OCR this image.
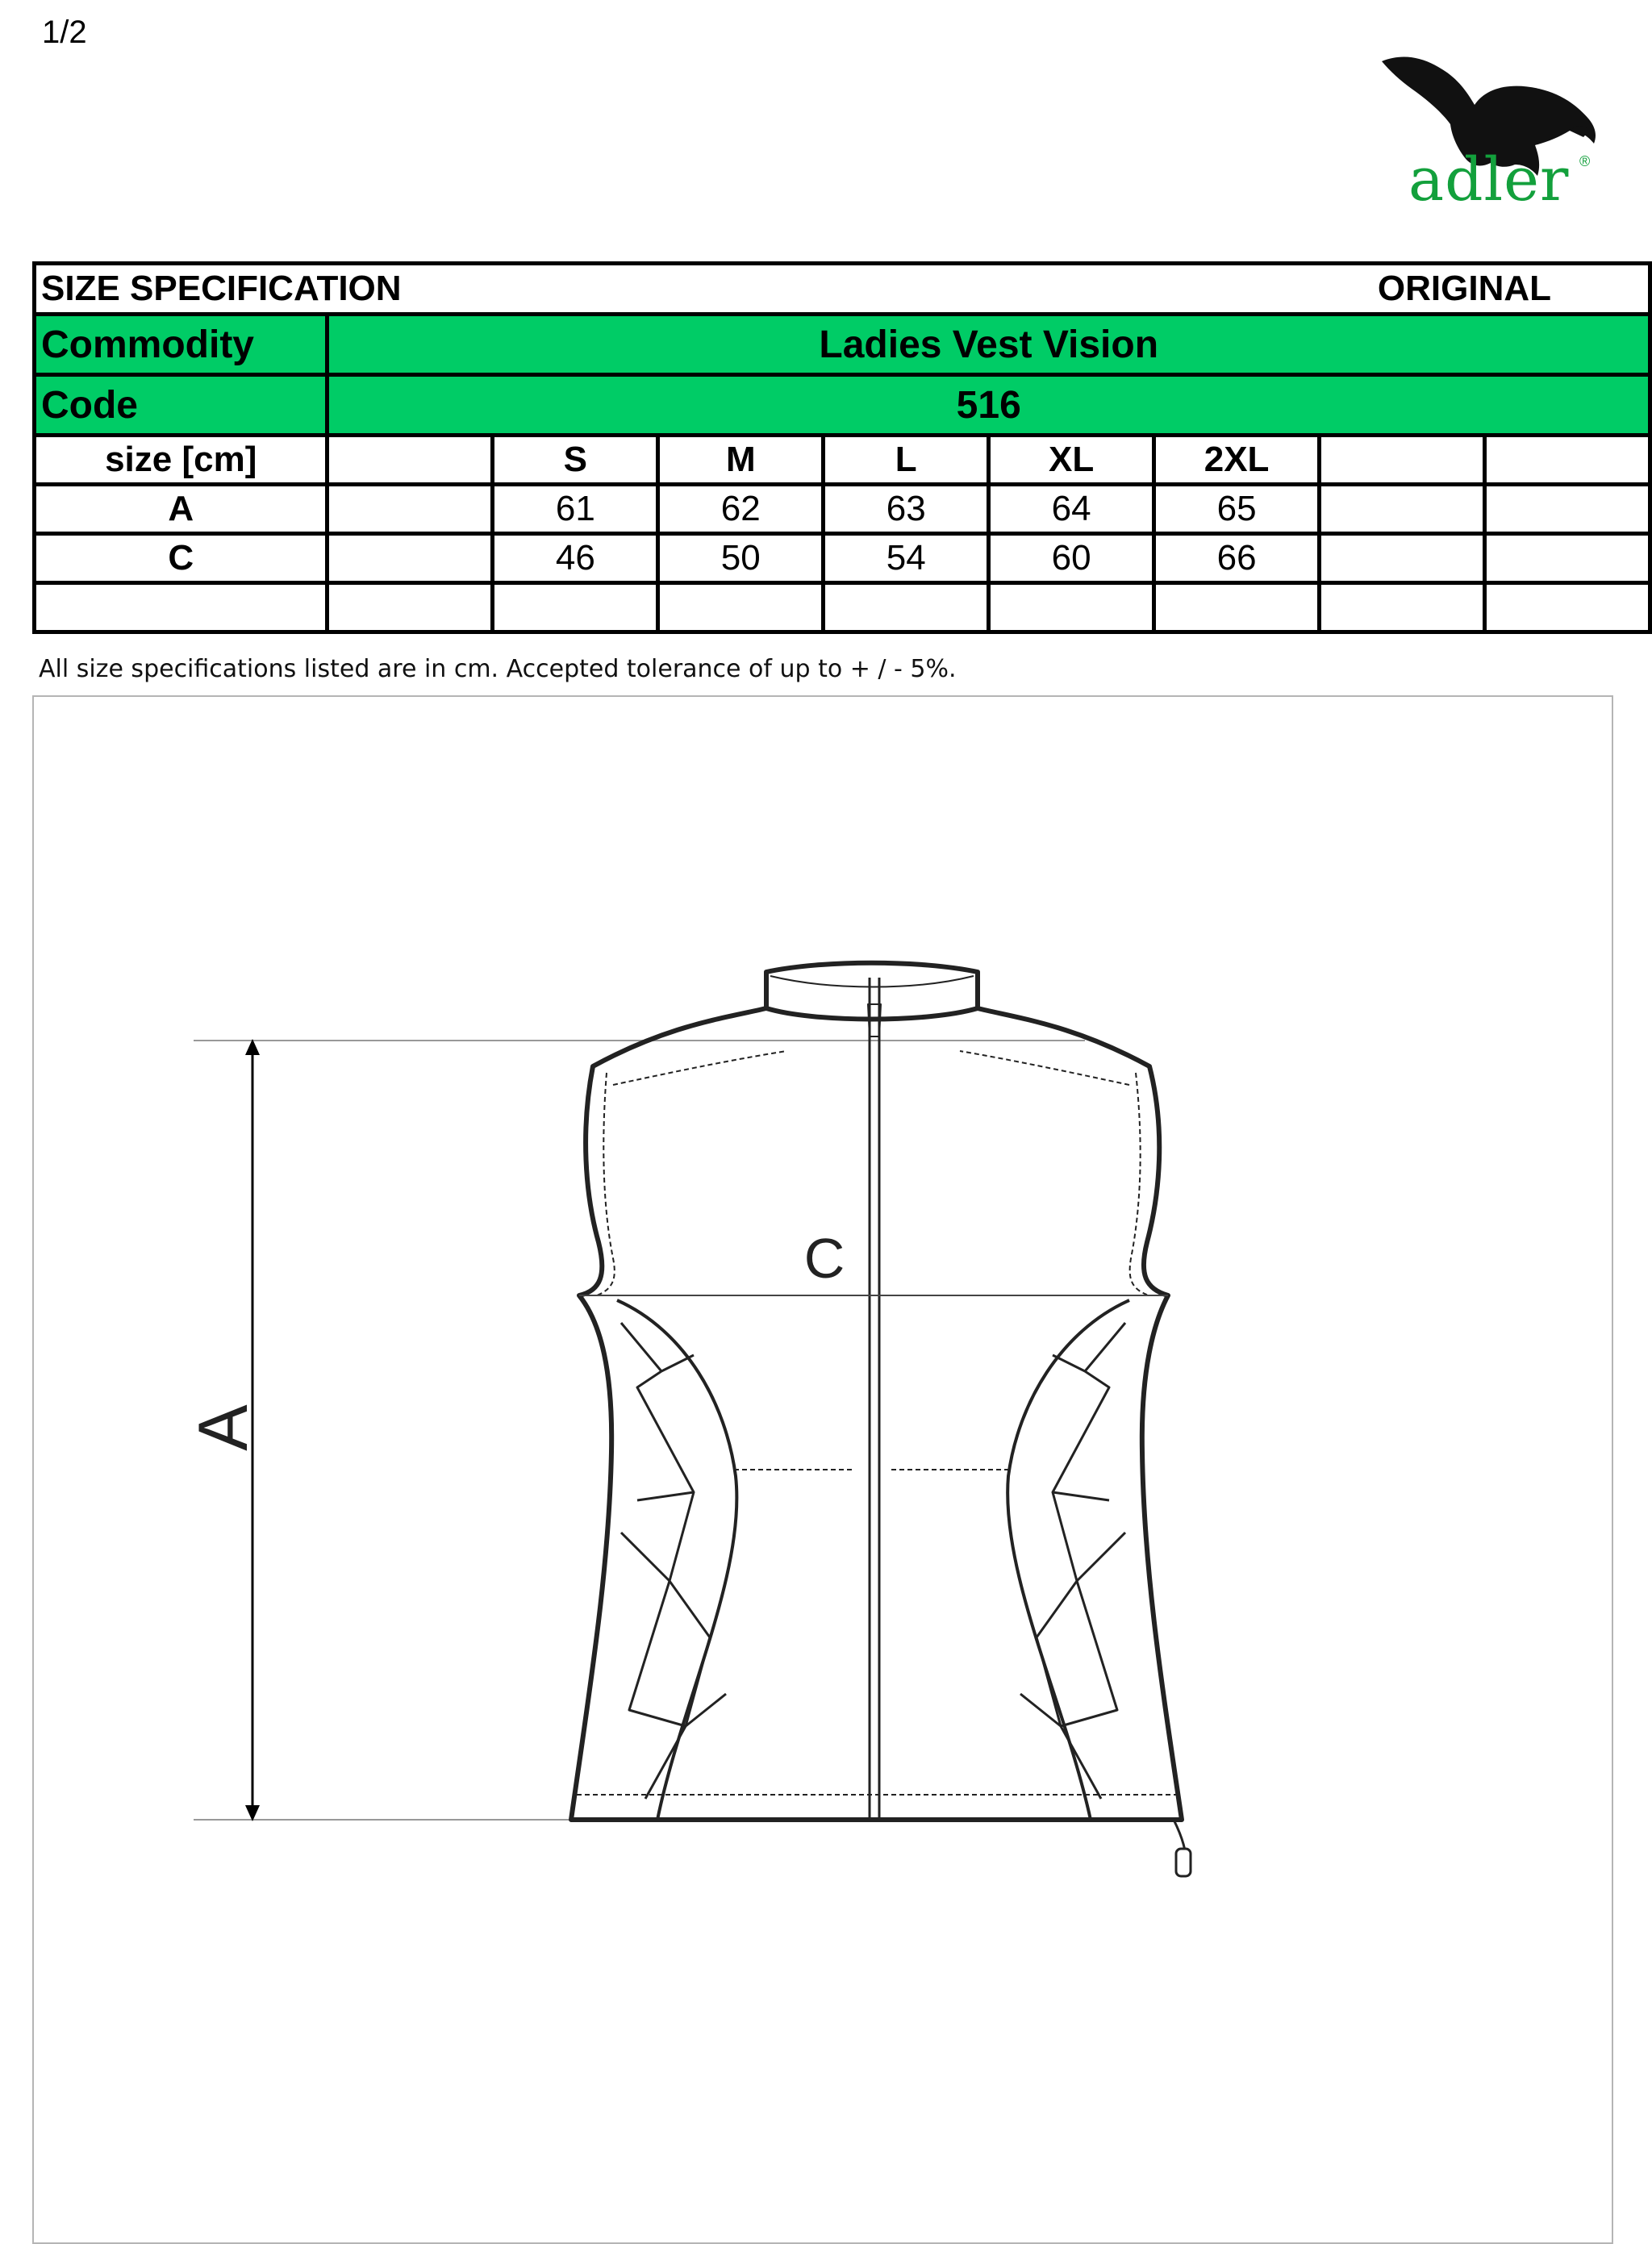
1/2
adler ®
SIZE SPECIFICATION						ORIGINAL		
Commodity	Ladies Vest Vision							
Code	516							
size [cm]		S	M	L	XL	2XL		
A		61	62	63	64	65		
C		46	50	54	60	66		

All size specifications listed are in cm. Accepted tolerance of up to + / - 5%.
A
C
